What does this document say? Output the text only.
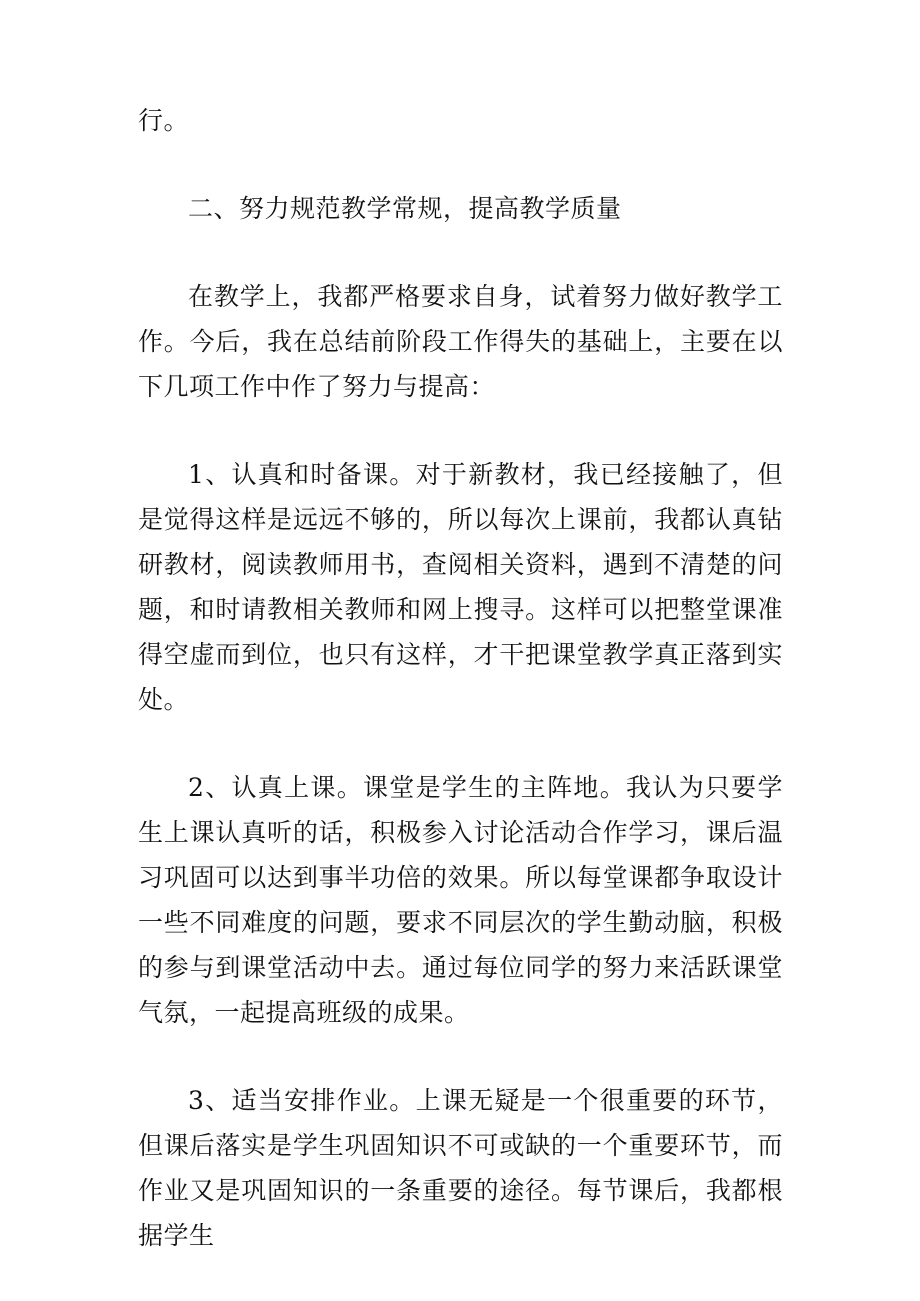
行。

二、努力规范教学常规，提高教学质量

在教学上，我都严格要求自身，试着努力做好教学工作。今后，我在总结前阶段工作得失的基础上，主要在以下几项工作中作了努力与提高：

1、认真和时备课。对于新教材，我已经接触了，但是觉得这样是远远不够的，所以每次上课前，我都认真钻研教材，阅读教师用书，查阅相关资料，遇到不清楚的问题，和时请教相关教师和网上搜寻。这样可以把整堂课准得空虚而到位，也只有这样，才干把课堂教学真正落到实处。

2、认真上课。课堂是学生的主阵地。我认为只要学生上课认真听的话，积极参入讨论活动合作学习，课后温习巩固可以达到事半功倍的效果。所以每堂课都争取设计一些不同难度的问题，要求不同层次的学生勤动脑，积极的参与到课堂活动中去。通过每位同学的努力来活跃课堂气氛，一起提高班级的成果。

3、适当安排作业。上课无疑是一个很重要的环节，但课后落实是学生巩固知识不可或缺的一个重要环节，而作业又是巩固知识的一条重要的途径。每节课后，我都根据学生
